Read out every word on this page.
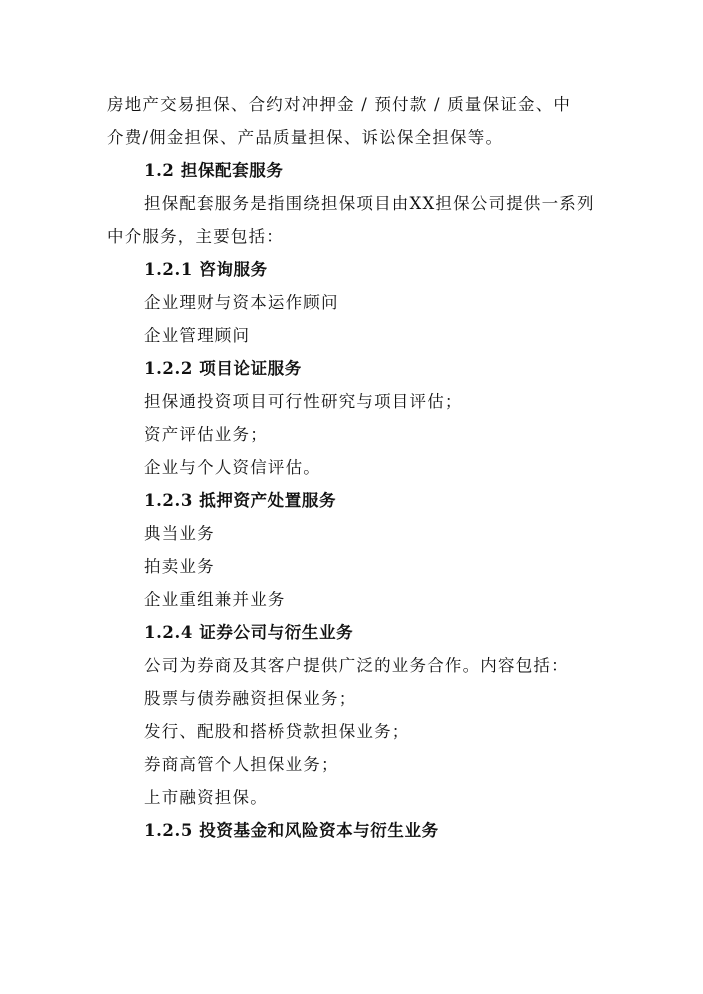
房地产交易担保、合约对冲押金 / 预付款 / 质量保证金、中
介费/佣金担保、产品质量担保、诉讼保全担保等。
1.2 担保配套服务
担保配套服务是指围绕担保项目由XX担保公司提供一系列
中介服务，主要包括：
1.2.1 咨询服务
企业理财与资本运作顾问
企业管理顾问
1.2.2 项目论证服务
担保通投资项目可行性研究与项目评估；
资产评估业务；
企业与个人资信评估。
1.2.3 抵押资产处置服务
典当业务
拍卖业务
企业重组兼并业务
1.2.4 证券公司与衍生业务
公司为券商及其客户提供广泛的业务合作。内容包括：
股票与债券融资担保业务；
发行、配股和搭桥贷款担保业务；
券商高管个人担保业务；
上市融资担保。
1.2.5 投资基金和风险资本与衍生业务
